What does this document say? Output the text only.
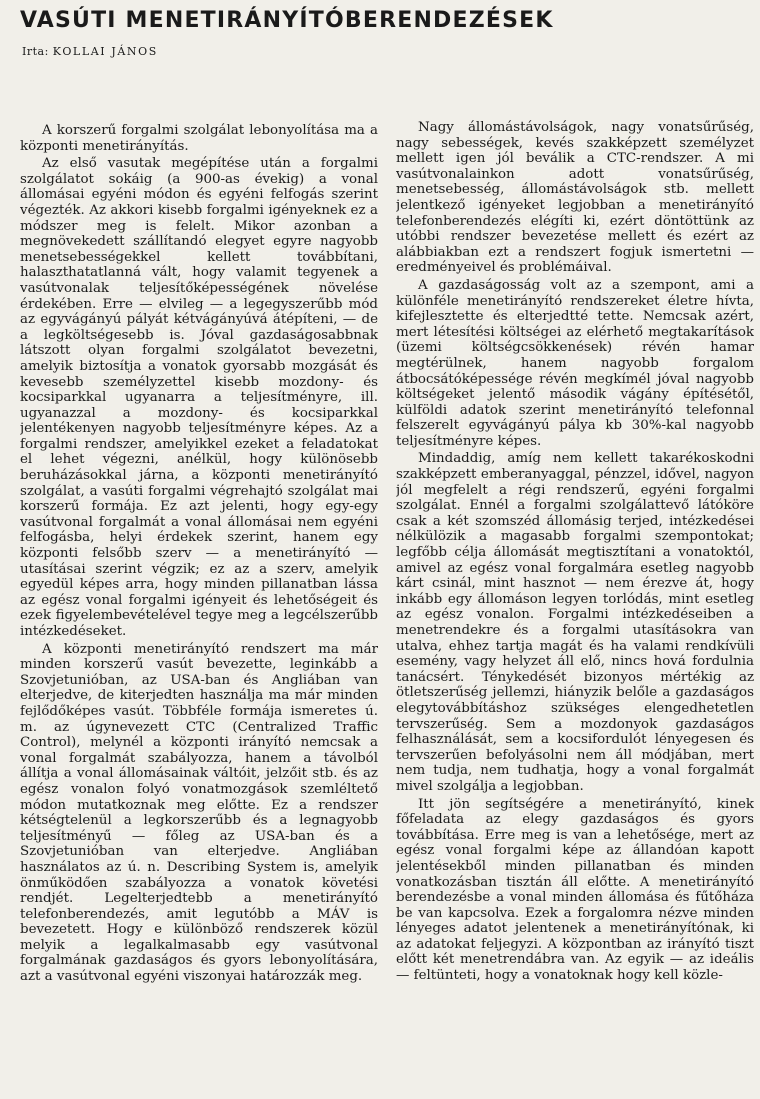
VASÚTI MENETIRÁNYÍTÓBERENDEZÉSEK
Irta: KOLLAI JÁNOS

A korszerű forgalmi szolgálat lebonyolítása ma a központi menetirányítás.

Az első vasutak megépítése után a forgalmi szolgálatot sokáig (a 900-as évekig) a vonal állomásai egyéni módon és egyéni felfogás szerint végezték. Az akkori kisebb forgalmi igényeknek ez a módszer meg is felelt. Mikor azonban a megnövekedett szállítandó elegyet egyre nagyobb menetsebességekkel kellett továbbítani, halaszthatatlanná vált, hogy valamit tegyenek a vasútvonalak teljesítőképességének növelése érdekében. Erre — elvileg — a legegyszerűbb mód az egyvágányú pályát kétvágányúvá átépíteni, — de a legköltségesebb is. Jóval gazdaságosabbnak látszott olyan forgalmi szolgálatot bevezetni, amelyik biztosítja a vonatok gyorsabb mozgását és kevesebb személyzettel kisebb mozdony- és kocsiparkkal ugyanarra a teljesítményre, ill. ugyanazzal a mozdony- és kocsiparkkal jelentékenyen nagyobb teljesítményre képes. Az a forgalmi rendszer, amelyikkel ezeket a feladatokat el lehet végezni, anélkül, hogy különösebb beruházásokkal járna, a központi menetirányító szolgálat, a vasúti forgalmi végrehajtó szolgálat mai korszerű formája. Ez azt jelenti, hogy egy-egy vasútvonal forgalmát a vonal állomásai nem egyéni felfogásba, helyi érdekek szerint, hanem egy központi felsőbb szerv — a menetirányító — utasításai szerint végzik; ez az a szerv, amelyik egyedül képes arra, hogy minden pillanatban lássa az egész vonal forgalmi igényeit és lehetőségeit és ezek figyelembevételével tegye meg a legcélszerűbb intézkedéseket.

A központi menetirányító rendszert ma már minden korszerű vasút bevezette, leginkább a Szovjetunióban, az USA-ban és Angliában van elterjedve, de kiterjedten használja ma már minden fejlődőképes vasút. Többféle formája ismeretes ú. m. az úgynevezett CTC (Centralized Traffic Control), melynél a központi irányító nemcsak a vonal forgalmát szabályozza, hanem a távolból állítja a vonal állomásainak váltóit, jelzőit stb. és az egész vonalon folyó vonatmozgások szemléltető módon mutatkoznak meg előtte. Ez a rendszer kétségtelenül a legkorszerűbb és a legnagyobb teljesítményű — főleg az USA-ban és a Szovjetunióban van elterjedve. Angliában használatos az ú. n. Describing System is, amelyik önműködően szabályozza a vonatok követési rendjét. Legelterjedtebb a menetirányító telefonberendezés, amit legutóbb a MÁV is bevezetett. Hogy e különböző rendszerek közül melyik a legalkalmasabb egy vasútvonal forgalmának gazdaságos és gyors lebonyolítására, azt a vasútvonal egyéni viszonyai határozzák meg.

Nagy állomástávolságok, nagy vonatsűrűség, nagy sebességek, kevés szakképzett személyzet mellett igen jól beválik a CTC-rendszer. A mi vasútvonalainkon adott vonatsűrűség, menetsebesség, állomástávolságok stb. mellett jelentkező igényeket legjobban a menetirányító telefonberendezés elégíti ki, ezért döntöttünk az utóbbi rendszer bevezetése mellett és ezért az alábbiakban ezt a rendszert fogjuk ismertetni — eredményeivel és problémáival.

A gazdaságosság volt az a szempont, ami a különféle menetirányító rendszereket életre hívta, kifejlesztette és elterjedtté tette. Nemcsak azért, mert létesítési költségei az elérhető megtakarítások (üzemi költségcsökkenések) révén hamar megtérülnek, hanem nagyobb forgalom átbocsátóképessége révén megkímél jóval nagyobb költségeket jelentő második vágány építésétől, külföldi adatok szerint menetirányító telefonnal felszerelt egyvágányú pálya kb 30%-kal nagyobb teljesítményre képes.

Mindaddig, amíg nem kellett takarékoskodni szakképzett emberanyaggal, pénzzel, idővel, nagyon jól megfelelt a régi rendszerű, egyéni forgalmi szolgálat. Ennél a forgalmi szolgálattevő látóköre csak a két szomszéd állomásig terjed, intézkedései nélkülözik a magasabb forgalmi szempontokat; legfőbb célja állomását megtisztítani a vonatoktól, amivel az egész vonal forgalmára esetleg nagyobb kárt csinál, mint hasznot — nem érezve át, hogy inkább egy állomáson legyen torlódás, mint esetleg az egész vonalon. Forgalmi intézkedéseiben a menetrendekre és a forgalmi utasításokra van utalva, ehhez tartja magát és ha valami rendkívüli esemény, vagy helyzet áll elő, nincs hová fordulnia tanácsért. Ténykedését bizonyos mértékig az ötletszerűség jellemzi, hiányzik belőle a gazdaságos elegytovábbításhoz szükséges elengedhetetlen tervszerűség. Sem a mozdonyok gazdaságos felhasználását, sem a kocsifordulót lényegesen és tervszerűen befolyásolni nem áll módjában, mert nem tudja, nem tudhatja, hogy a vonal forgalmát mivel szolgálja a legjobban.

Itt jön segítségére a menetirányító, kinek főfeladata az elegy gazdaságos és gyors továbbítása. Erre meg is van a lehetősége, mert az egész vonal forgalmi képe az állandóan kapott jelentésekből minden pillanatban és minden vonatkozásban tisztán áll előtte. A menetirányító berendezésbe a vonal minden állomása és fűtőháza be van kapcsolva. Ezek a forgalomra nézve minden lényeges adatot jelentenek a menetirányítónak, ki az adatokat feljegyzi. A központban az irányító tiszt előtt két menetrendábra van. Az egyik — az ideális — feltünteti, hogy a vonatoknak hogy kell közle-
